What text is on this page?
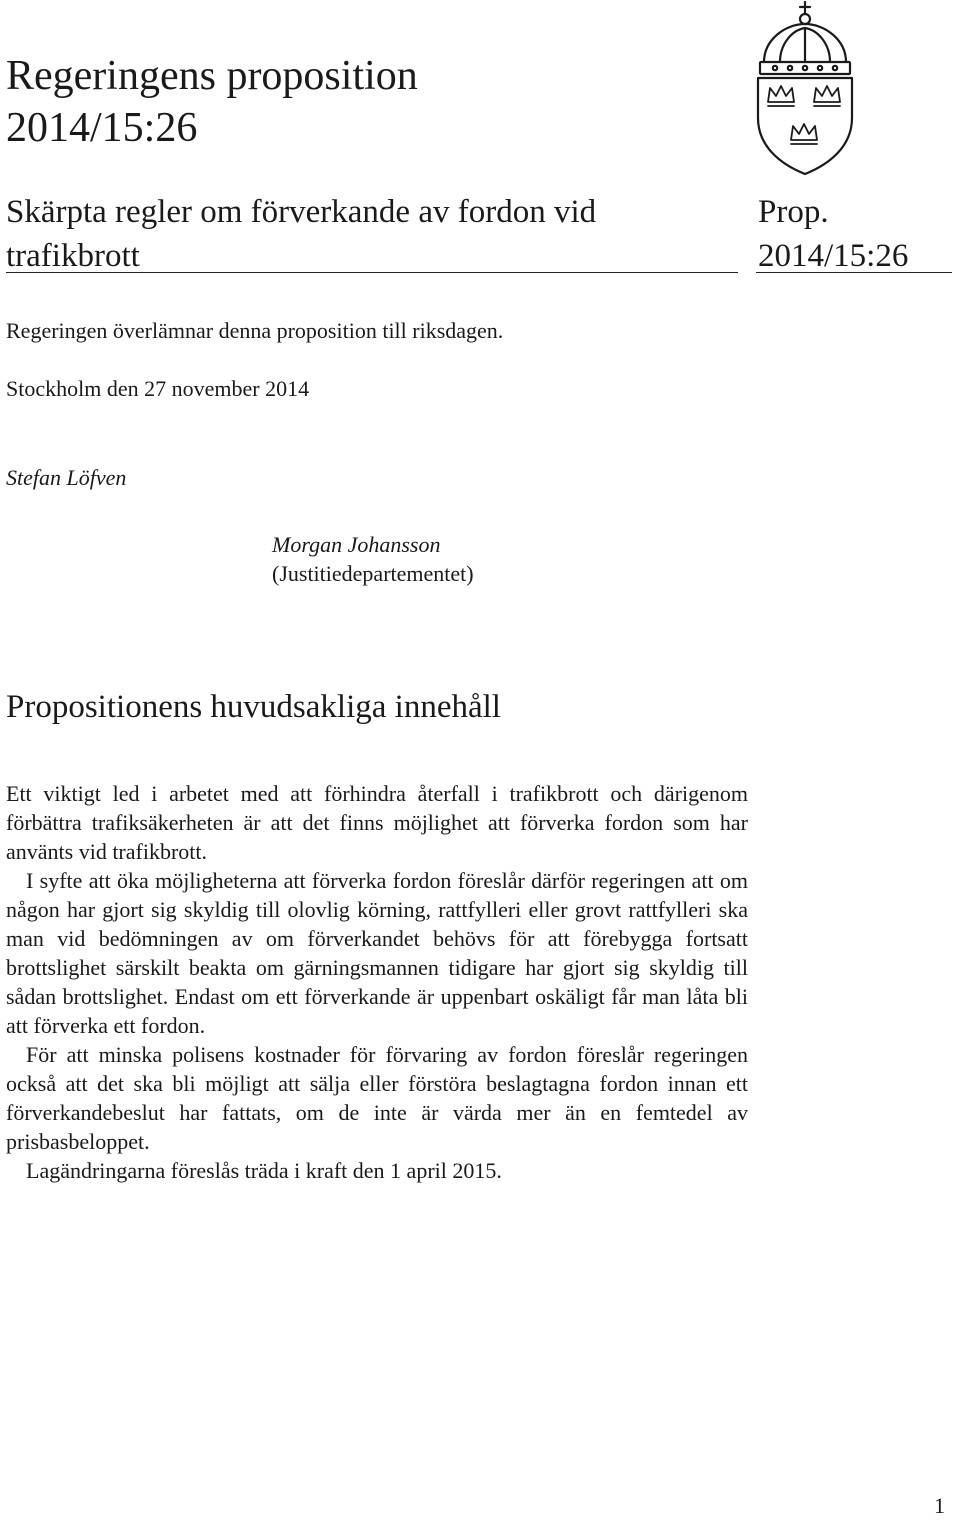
Regeringens proposition
2014/15:26
Skärpta regler om förverkande av fordon vid trafikbrott
Prop.
2014/15:26
Regeringen överlämnar denna proposition till riksdagen.
Stockholm den 27 november 2014
Stefan Löfven
Morgan Johansson
(Justitiedepartementet)
Propositionens huvudsakliga innehåll

Ett viktigt led i arbetet med att förhindra återfall i trafikbrott och därigenom förbättra trafiksäkerheten är att det finns möjlighet att förverka fordon som har använts vid trafikbrott.

I syfte att öka möjligheterna att förverka fordon föreslår därför regeringen att om någon har gjort sig skyldig till olovlig körning, rattfylleri eller grovt rattfylleri ska man vid bedömningen av om förverkandet behövs för att förebygga fortsatt brottslighet särskilt beakta om gärningsmannen tidigare har gjort sig skyldig till sådan brottslighet. Endast om ett förverkande är uppenbart oskäligt får man låta bli att förverka ett fordon.

För att minska polisens kostnader för förvaring av fordon föreslår regeringen också att det ska bli möjligt att sälja eller förstöra beslagtagna fordon innan ett förverkandebeslut har fattats, om de inte är värda mer än en femtedel av prisbasbeloppet.

Lagändringarna föreslås träda i kraft den 1 april 2015.

1
